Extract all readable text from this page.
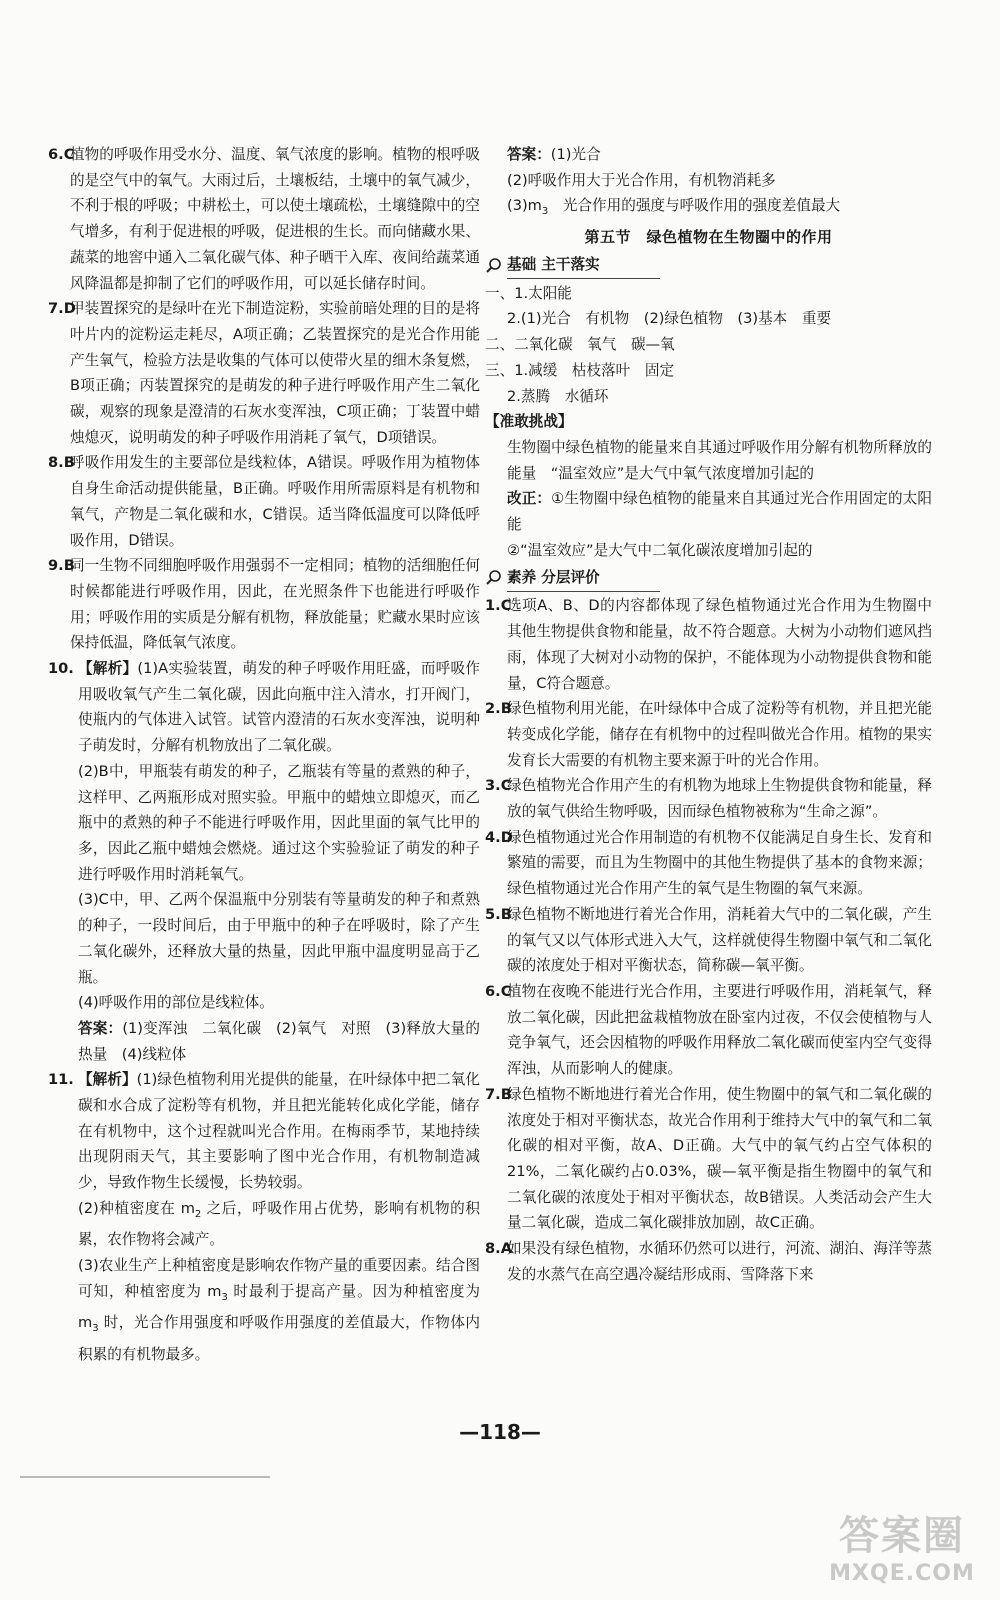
6.C
植物的呼吸作用受水分、温度、氧气浓度的影响。植物的根呼吸的是空气中的氧气。大雨过后，土壤板结，土壤中的氧气减少，不利于根的呼吸；中耕松土，可以使土壤疏松，土壤缝隙中的空气增多，有利于促进根的呼吸，促进根的生长。而向储藏水果、蔬菜的地窖中通入二氧化碳气体、种子晒干入库、夜间给蔬菜通风降温都是抑制了它们的呼吸作用，可以延长储存时间。
7.D
甲装置探究的是绿叶在光下制造淀粉，实验前暗处理的目的是将叶片内的淀粉运走耗尽，A项正确；乙装置探究的是光合作用能产生氧气，检验方法是收集的气体可以使带火星的细木条复燃，B项正确；丙装置探究的是萌发的种子进行呼吸作用产生二氧化碳，观察的现象是澄清的石灰水变浑浊，C项正确；丁装置中蜡烛熄灭，说明萌发的种子呼吸作用消耗了氧气，D项错误。
8.B
呼吸作用发生的主要部位是线粒体，A错误。呼吸作用为植物体自身生命活动提供能量，B正确。呼吸作用所需原料是有机物和氧气，产物是二氧化碳和水，C错误。适当降低温度可以降低呼吸作用，D错误。
9.B
同一生物不同细胞呼吸作用强弱不一定相同；植物的活细胞任何时候都能进行呼吸作用，因此，在光照条件下也能进行呼吸作用；呼吸作用的实质是分解有机物，释放能量；贮藏水果时应该保持低温，降低氧气浓度。
10. 【解析】(1)A实验装置，萌发的种子呼吸作用旺盛，而呼吸作用吸收氧气产生二氧化碳，因此向瓶中注入清水，打开阀门，使瓶内的气体进入试管。试管内澄清的石灰水变浑浊，说明种子萌发时，分解有机物放出了二氧化碳。
(2)B中，甲瓶装有萌发的种子，乙瓶装有等量的煮熟的种子，这样甲、乙两瓶形成对照实验。甲瓶中的蜡烛立即熄灭，而乙瓶中的煮熟的种子不能进行呼吸作用，因此里面的氧气比甲的多，因此乙瓶中蜡烛会燃烧。通过这个实验验证了萌发的种子进行呼吸作用时消耗氧气。
(3)C中，甲、乙两个保温瓶中分别装有等量萌发的种子和煮熟的种子，一段时间后，由于甲瓶中的种子在呼吸时，除了产生二氧化碳外，还释放大量的热量，因此甲瓶中温度明显高于乙瓶。
(4)呼吸作用的部位是线粒体。
答案：(1)变浑浊　二氧化碳　(2)氧气　对照　(3)释放大量的热量　(4)线粒体
11. 【解析】(1)绿色植物利用光提供的能量，在叶绿体中把二氧化碳和水合成了淀粉等有机物，并且把光能转化成化学能，储存在有机物中，这个过程就叫光合作用。在梅雨季节，某地持续出现阴雨天气，其主要影响了图中光合作用，有机物制造减少，导致作物生长缓慢，长势较弱。
(2)种植密度在 $m_2$ 之后，呼吸作用占优势，影响有机物的积累，农作物将会减产。
(3)农业生产上种植密度是影响农作物产量的重要因素。结合图可知，种植密度为 $m_3$ 时最利于提高产量。因为种植密度为 $m_3$ 时，光合作用强度和呼吸作用强度的差值最大，作物体内积累的有机物最多。
答案：(1)光合
(2)呼吸作用大于光合作用，有机物消耗多
$(3)m_3$　光合作用的强度与呼吸作用的强度差值最大
第五节　绿色植物在生物圈中的作用
基础 主干落实
一、1.太阳能
2.(1)光合　有机物　(2)绿色植物　(3)基本　重要
二、二氧化碳　氧气　碳—氧
三、1.减缓　枯枝落叶　固定
2.蒸腾　水循环
【准敢挑战】
生物圈中绿色植物的能量来自其通过呼吸作用分解有机物所释放的能量　“温室效应”是大气中氧气浓度增加引起的
改正：①生物圈中绿色植物的能量来自其通过光合作用固定的太阳能
②“温室效应”是大气中二氧化碳浓度增加引起的
素养 分层评价
1.C
选项A、B、D的内容都体现了绿色植物通过光合作用为生物圈中其他生物提供食物和能量，故不符合题意。大树为小动物们遮风挡雨，体现了大树对小动物的保护，不能体现为小动物提供食物和能量，C符合题意。
2.B
绿色植物利用光能，在叶绿体中合成了淀粉等有机物，并且把光能转变成化学能，储存在有机物中的过程叫做光合作用。植物的果实发育长大需要的有机物主要来源于叶的光合作用。
3.C
绿色植物光合作用产生的有机物为地球上生物提供食物和能量，释放的氧气供给生物呼吸，因而绿色植物被称为“生命之源”。
4.D
绿色植物通过光合作用制造的有机物不仅能满足自身生长、发育和繁殖的需要，而且为生物圈中的其他生物提供了基本的食物来源；绿色植物通过光合作用产生的氧气是生物圈的氧气来源。
5.B
绿色植物不断地进行着光合作用，消耗着大气中的二氧化碳，产生的氧气又以气体形式进入大气，这样就使得生物圈中氧气和二氧化碳的浓度处于相对平衡状态，简称碳—氧平衡。
6.C
植物在夜晚不能进行光合作用，主要进行呼吸作用，消耗氧气，释放二氧化碳，因此把盆栽植物放在卧室内过夜，不仅会使植物与人竞争氧气，还会因植物的呼吸作用释放二氧化碳而使室内空气变得浑浊，从而影响人的健康。
7.B
绿色植物不断地进行着光合作用，使生物圈中的氧气和二氧化碳的浓度处于相对平衡状态，故光合作用利于维持大气中的氧气和二氧化碳的相对平衡，故A、D正确。大气中的氧气约占空气体积的21%，二氧化碳约占0.03%，碳—氧平衡是指生物圈中的氧气和二氧化碳的浓度处于相对平衡状态，故B错误。人类活动会产生大量二氧化碳，造成二氧化碳排放加剧，故C正确。
8.A
如果没有绿色植物，水循环仍然可以进行，河流、湖泊、海洋等蒸发的水蒸气在高空遇冷凝结形成雨、雪降落下来
—118—
答案圈
MXQE.COM
